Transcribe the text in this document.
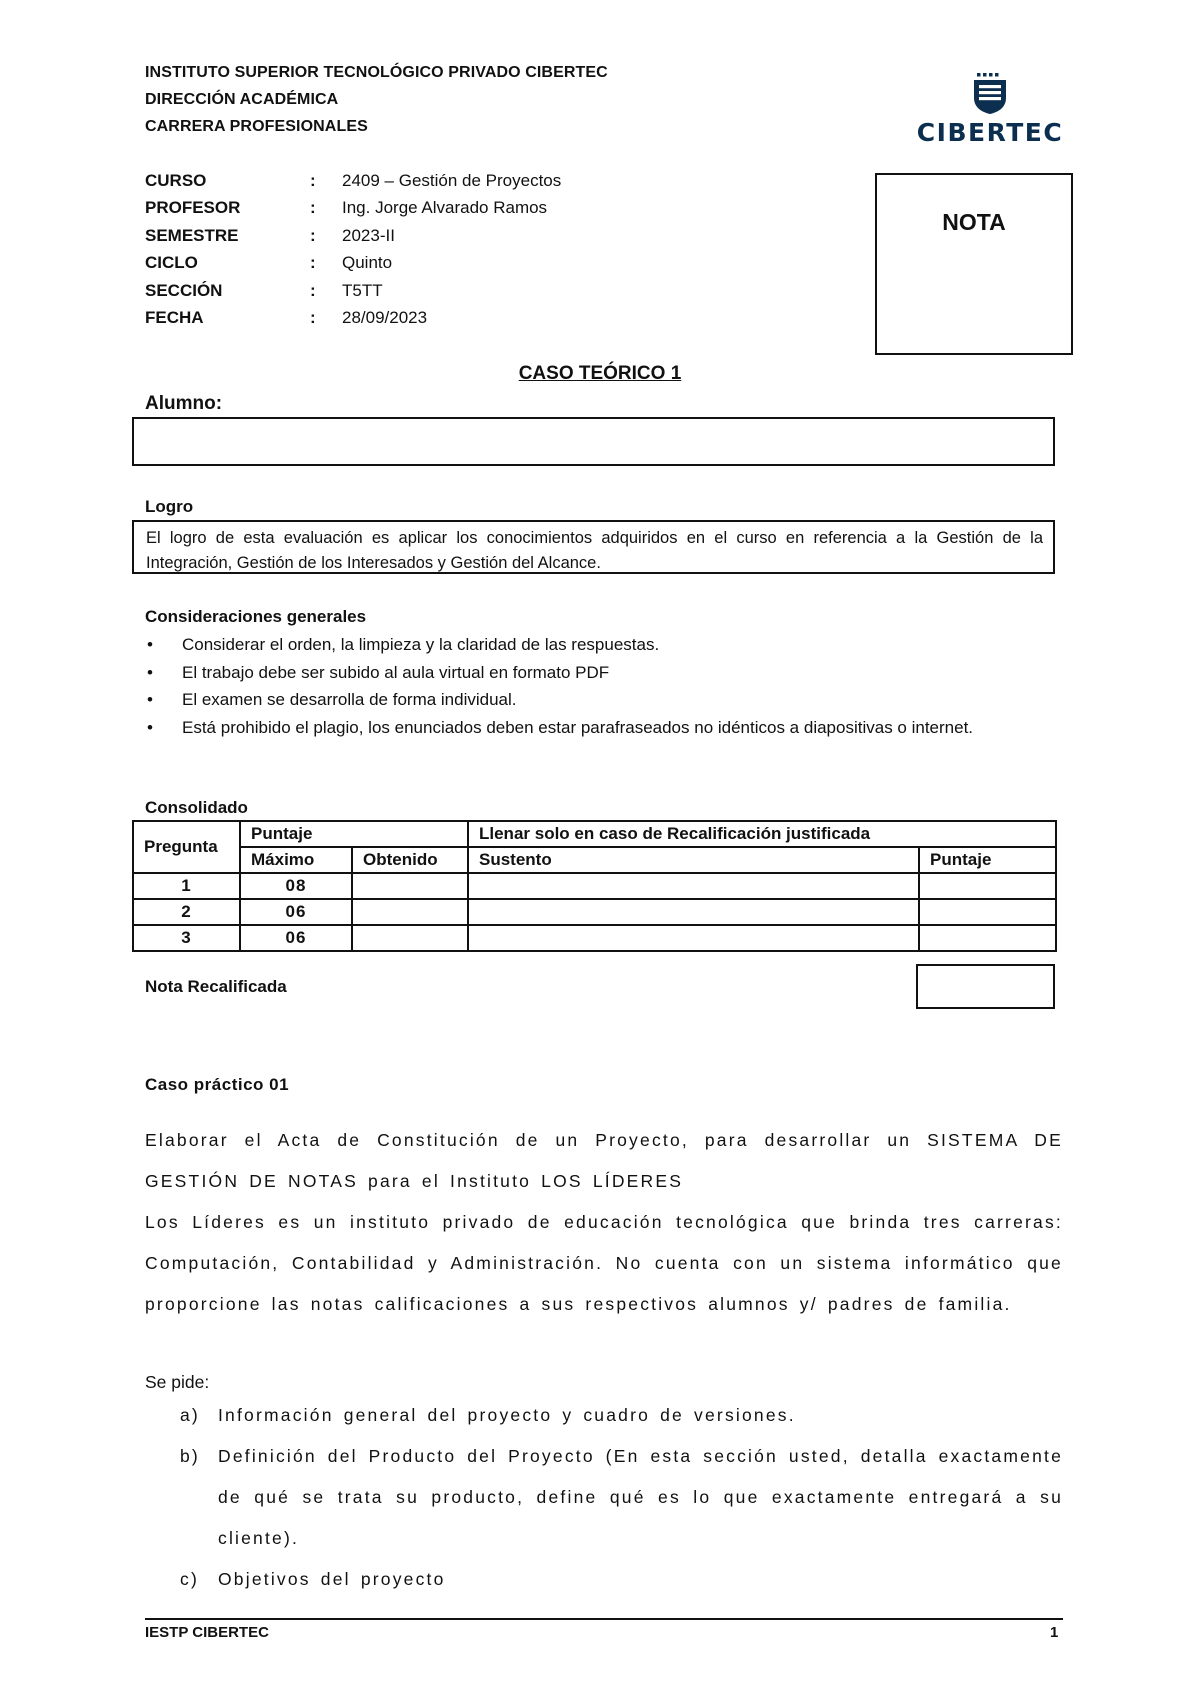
INSTITUTO SUPERIOR TECNOLÓGICO PRIVADO CIBERTEC
DIRECCIÓN ACADÉMICA
CARRERA PROFESIONALES	CIBERTEC
CURSO	:	2409 – Gestión de Proyectos
PROFESOR	:	Ing. Jorge Alvarado Ramos
SEMESTRE	:	2023-II
CICLO	:	Quinto
SECCIÓN	:	T5TT
FECHA	:	28/09/2023
NOTA
CASO TEÓRICO 1
Alumno:
Logro
El logro de esta evaluación es aplicar los conocimientos adquiridos en el curso en referencia a la Gestión de la Integración, Gestión de los Interesados y Gestión del Alcance.
Consideraciones generales
• Considerar el orden, la limpieza y la claridad de las respuestas.
• El trabajo debe ser subido al aula virtual en formato PDF
• El examen se desarrolla de forma individual.
• Está prohibido el plagio, los enunciados deben estar parafraseados no idénticos a diapositivas o internet.
Consolidado
Pregunta	Puntaje		Llenar solo en caso de Recalificación justificada	
	Máximo	Obtenido	Sustento	Puntaje
1	08			
2	06			
3	06			
Nota Recalificada
Caso práctico 01

Elaborar el Acta de Constitución de un Proyecto, para desarrollar un SISTEMA DE GESTIÓN DE NOTAS para el Instituto LOS LÍDERES

Los Líderes es un instituto privado de educación tecnológica que brinda tres carreras: Computación, Contabilidad y Administración. No cuenta con un sistema informático que proporcione las notas calificaciones a sus respectivos alumnos y/ padres de familia.

Se pide:
a) Información general del proyecto y cuadro de versiones.
b) Definición del Producto del Proyecto (En esta sección usted, detalla exactamente de qué se trata su producto, define qué es lo que exactamente entregará a su cliente).
c) Objetivos del proyecto
IESTP CIBERTEC	1
